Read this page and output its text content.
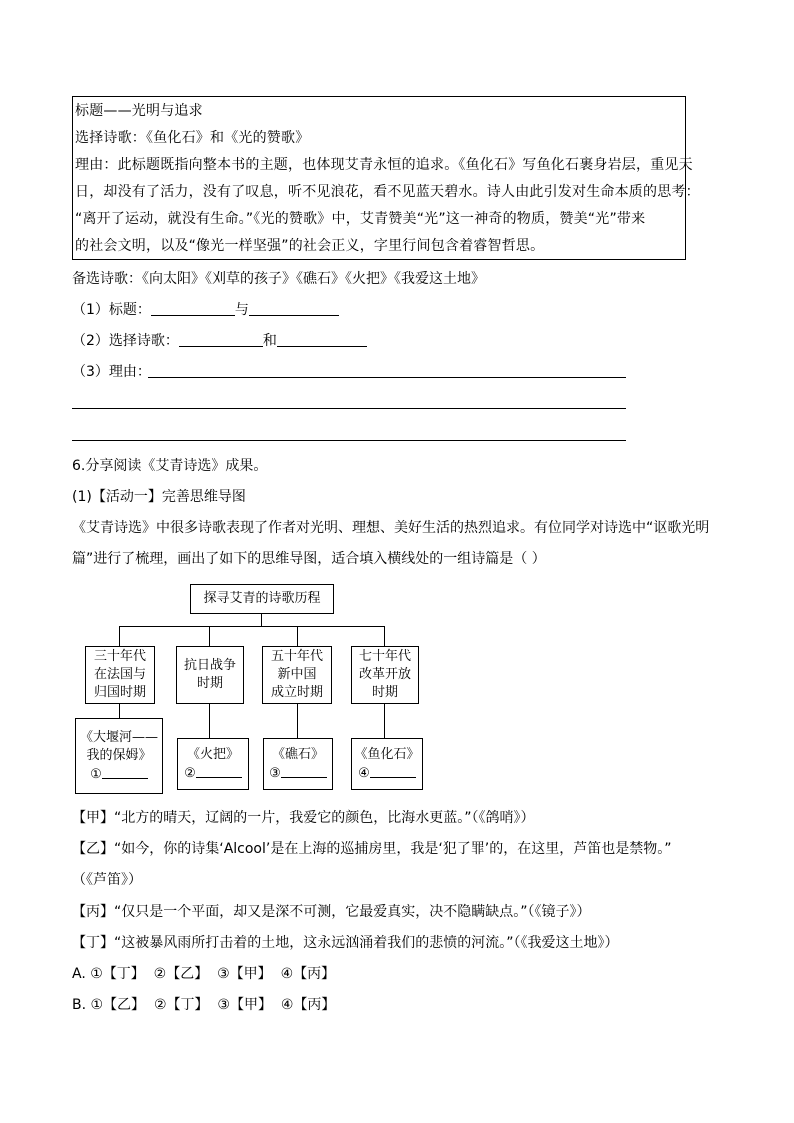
标题——光明与追求
选择诗歌：《鱼化石》和《光的赞歌》
理由：此标题既指向整本书的主题，也体现艾青永恒的追求。《鱼化石》写鱼化石裹身岩层，重见天
日，却没有了活力，没有了叹息，听不见浪花，看不见蓝天碧水。诗人由此引发对生命本质的思考：
“离开了运动，就没有生命。”《光的赞歌》中，艾青赞美“光”这一神奇的物质，赞美“光”带来
的社会文明，以及“像光一样坚强”的社会正义，字里行间包含着睿智哲思。
备选诗歌：《向太阳》《刈草的孩子》《礁石》《火把》《我爱这土地》
（1）标题：	与
（2）选择诗歌：	和
（3）理由：
6.分享阅读《艾青诗选》成果。
(1)【活动一】完善思维导图
《艾青诗选》中很多诗歌表现了作者对光明、理想、美好生活的热烈追求。有位同学对诗选中“讴歌光明
篇”进行了梳理，画出了如下的思维导图，适合填入横线处的一组诗篇是（ ）
探寻艾青的诗歌历程
三十年代
在法国与
归国时期
抗日战争
时期
五十年代
新中国
成立时期
七十年代
改革开放
时期
《大堰河——
我的保姆》
①
《火把》
②
《礁石》
③
《鱼化石》
④
【甲】“北方的晴天，辽阔的一片，我爱它的颜色，比海水更蓝。”（《鸽哨》）
【乙】“如今，你的诗集‘Alcool’是在上海的巡捕房里，我是‘犯了罪’的，在这里，芦笛也是禁物。”
（《芦笛》）
【丙】“仅只是一个平面，却又是深不可测，它最爱真实，决不隐瞒缺点。”（《镜子》）
【丁】“这被暴风雨所打击着的土地，这永远汹涌着我们的悲愤的河流。”（《我爱这土地》）
A. ①【丁】  ②【乙】  ③【甲】  ④【丙】
B. ①【乙】  ②【丁】  ③【甲】  ④【丙】
